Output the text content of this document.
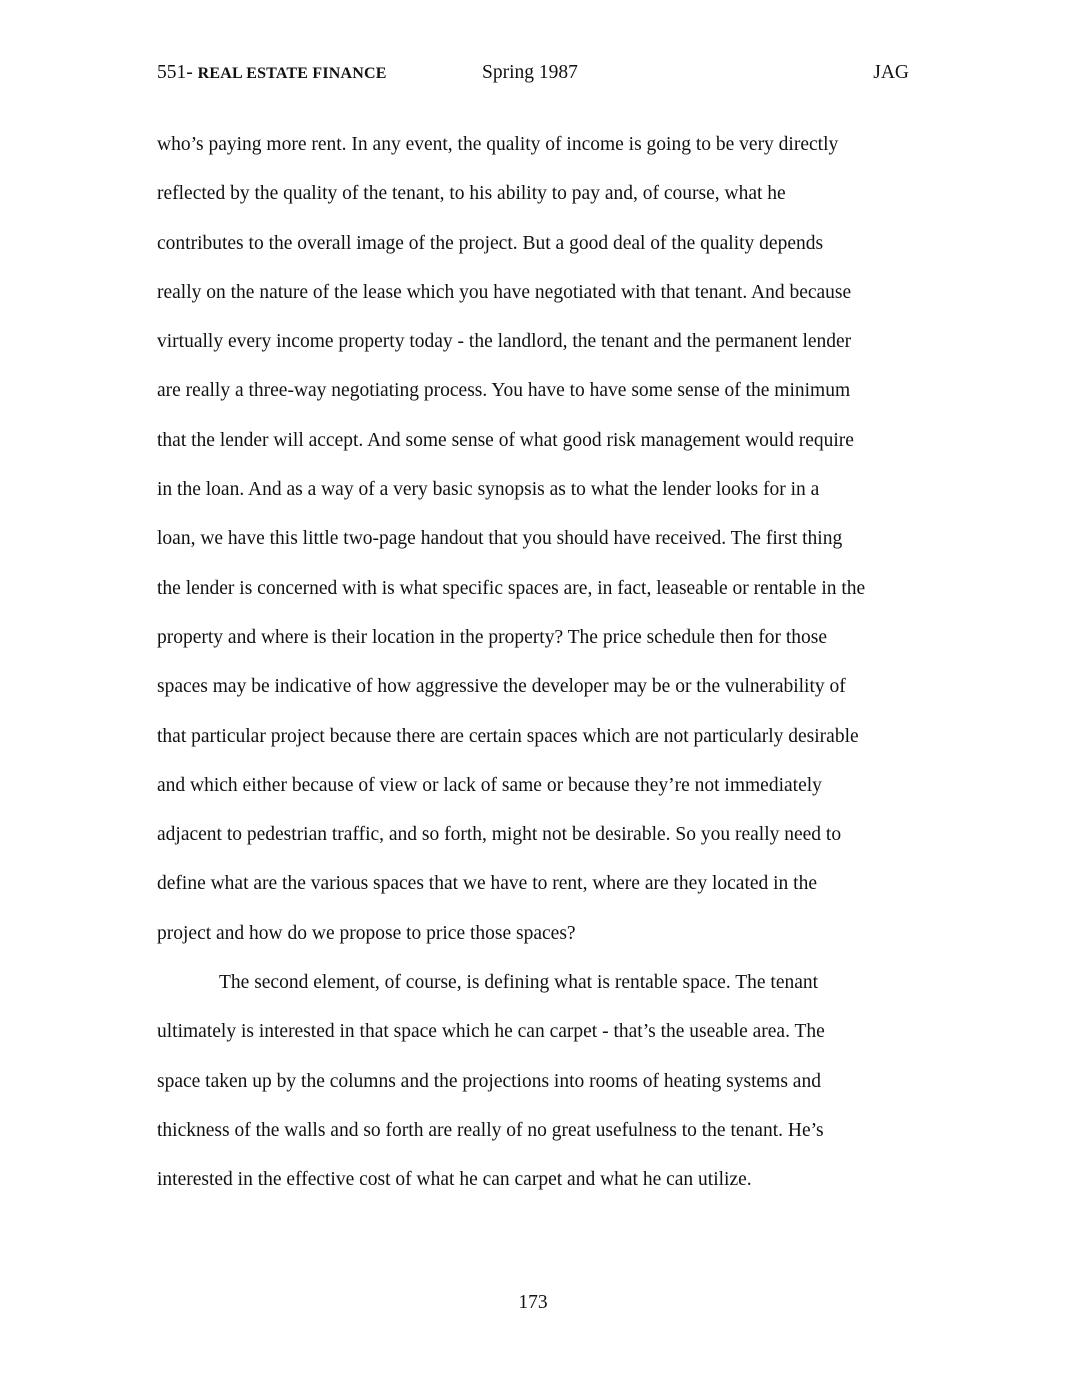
551- REAL ESTATE FINANCE	Spring 1987	JAG

who’s paying more rent. In any event, the quality of income is going to be very directly
reflected by the quality of the tenant, to his ability to pay and, of course, what he
contributes to the overall image of the project. But a good deal of the quality depends
really on the nature of the lease which you have negotiated with that tenant. And because
virtually every income property today - the landlord, the tenant and the permanent lender
are really a three-way negotiating process. You have to have some sense of the minimum
that the lender will accept. And some sense of what good risk management would require
in the loan. And as a way of a very basic synopsis as to what the lender looks for in a
loan, we have this little two-page handout that you should have received. The first thing
the lender is concerned with is what specific spaces are, in fact, leaseable or rentable in the
property and where is their location in the property? The price schedule then for those
spaces may be indicative of how aggressive the developer may be or the vulnerability of
that particular project because there are certain spaces which are not particularly desirable
and which either because of view or lack of same or because they’re not immediately
adjacent to pedestrian traffic, and so forth, might not be desirable. So you really need to
define what are the various spaces that we have to rent, where are they located in the
project and how do we propose to price those spaces?

The second element, of course, is defining what is rentable space. The tenant
ultimately is interested in that space which he can carpet - that’s the useable area. The
space taken up by the columns and the projections into rooms of heating systems and
thickness of the walls and so forth are really of no great usefulness to the tenant. He’s
interested in the effective cost of what he can carpet and what he can utilize.

173
